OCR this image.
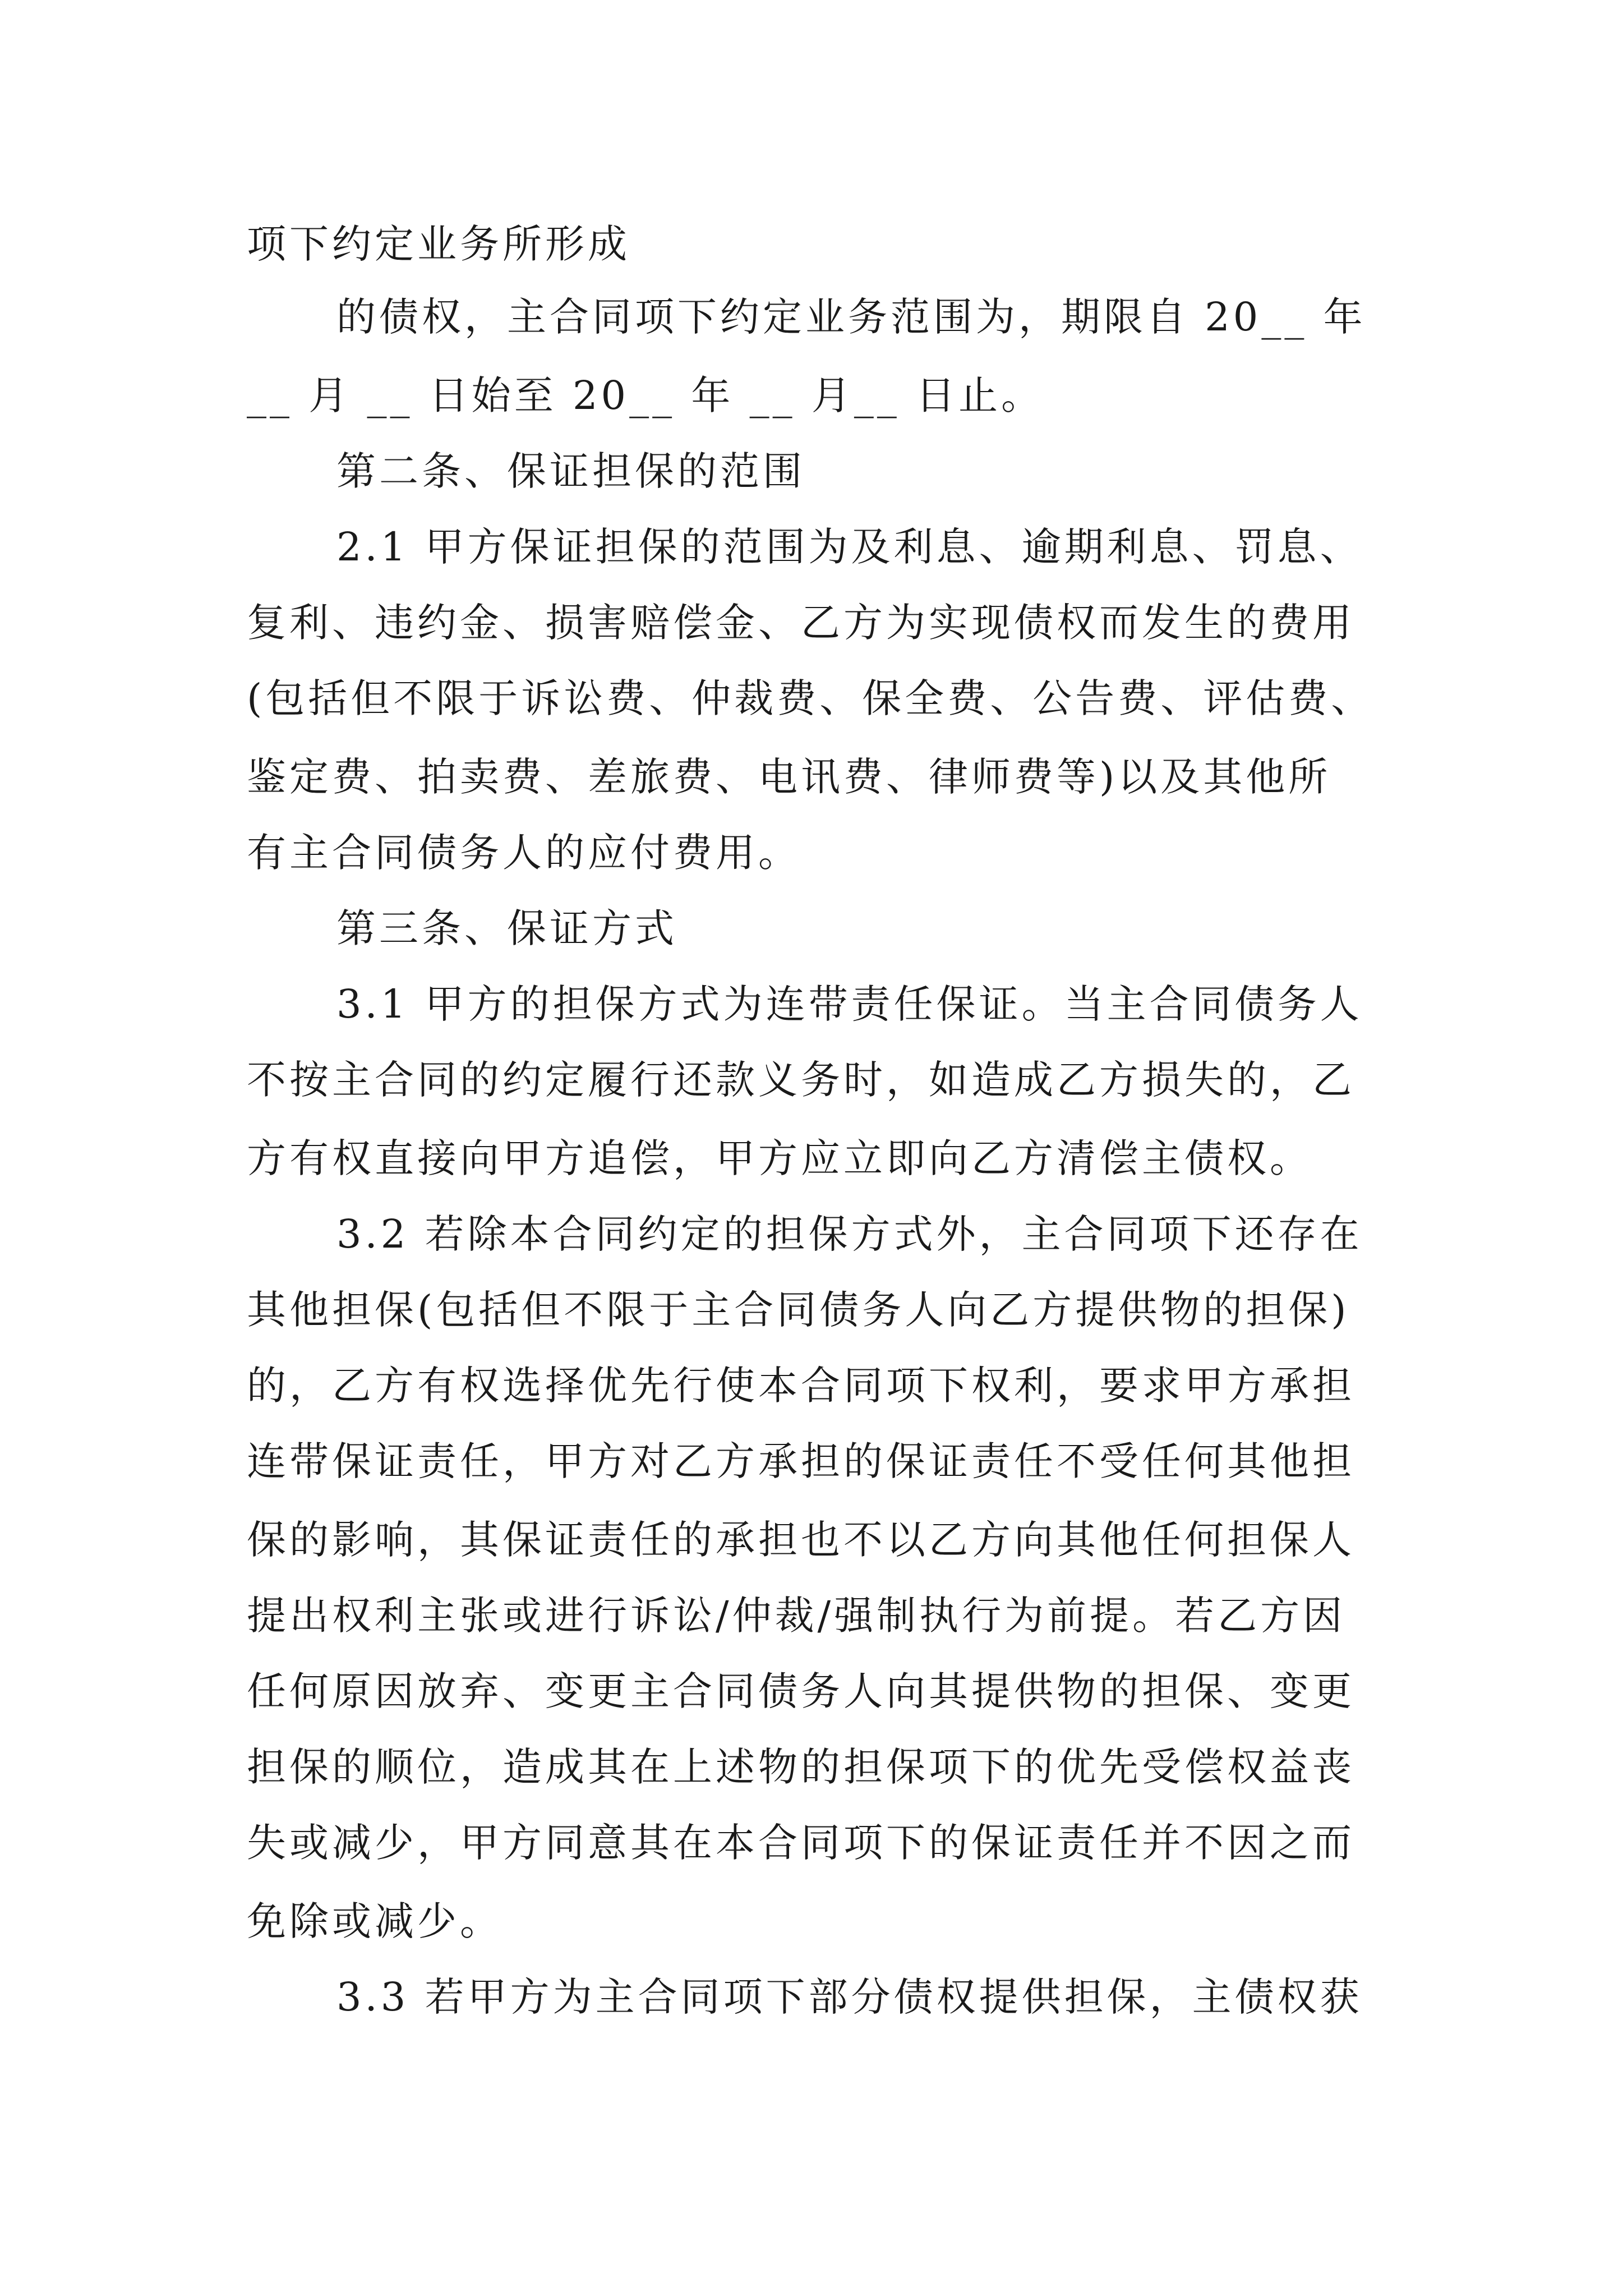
项下约定业务所形成
的债权，主合同项下约定业务范围为，期限自 20__ 年
__ 月 __ 日始至 20__ 年 __ 月__ 日止。
第二条、保证担保的范围
2.1 甲方保证担保的范围为及利息、逾期利息、罚息、
复利、违约金、损害赔偿金、乙方为实现债权而发生的费用
(包括但不限于诉讼费、仲裁费、保全费、公告费、评估费、
鉴定费、拍卖费、差旅费、电讯费、律师费等)以及其他所
有主合同债务人的应付费用。
第三条、保证方式
3.1 甲方的担保方式为连带责任保证。当主合同债务人
不按主合同的约定履行还款义务时，如造成乙方损失的，乙
方有权直接向甲方追偿，甲方应立即向乙方清偿主债权。
3.2 若除本合同约定的担保方式外，主合同项下还存在
其他担保(包括但不限于主合同债务人向乙方提供物的担保)
的，乙方有权选择优先行使本合同项下权利，要求甲方承担
连带保证责任，甲方对乙方承担的保证责任不受任何其他担
保的影响，其保证责任的承担也不以乙方向其他任何担保人
提出权利主张或进行诉讼/仲裁/强制执行为前提。若乙方因
任何原因放弃、变更主合同债务人向其提供物的担保、变更
担保的顺位，造成其在上述物的担保项下的优先受偿权益丧
失或减少，甲方同意其在本合同项下的保证责任并不因之而
免除或减少。
3.3 若甲方为主合同项下部分债权提供担保，主债权获
